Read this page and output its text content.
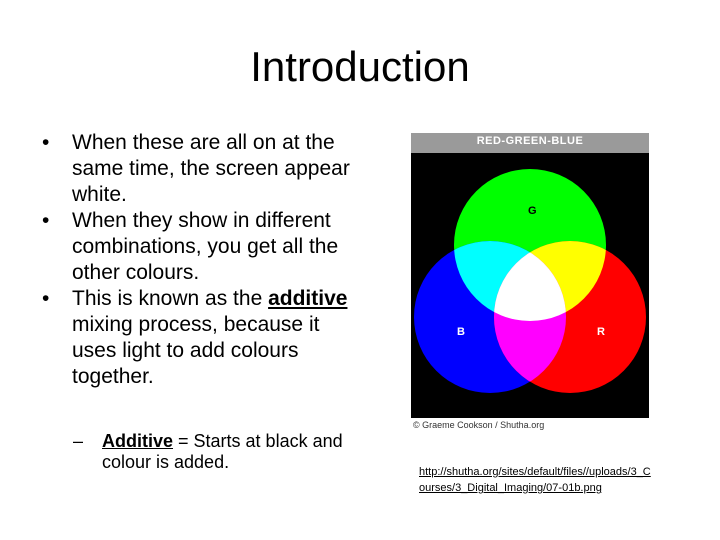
Introduction
• When these are all on at the same time, the screen appear white.
• When they show in different combinations, you get all the other colours.
• This is known as the additive mixing process, because it uses light to add colours together.
–	Additive = Starts at black and colour is added.
RED-GREEN-BLUE
G
B	R
© Graeme Cookson / Shutha.org
http://shutha.org/sites/default/files//uploads/3_Courses/3_Digital_Imaging/07-01b.png
